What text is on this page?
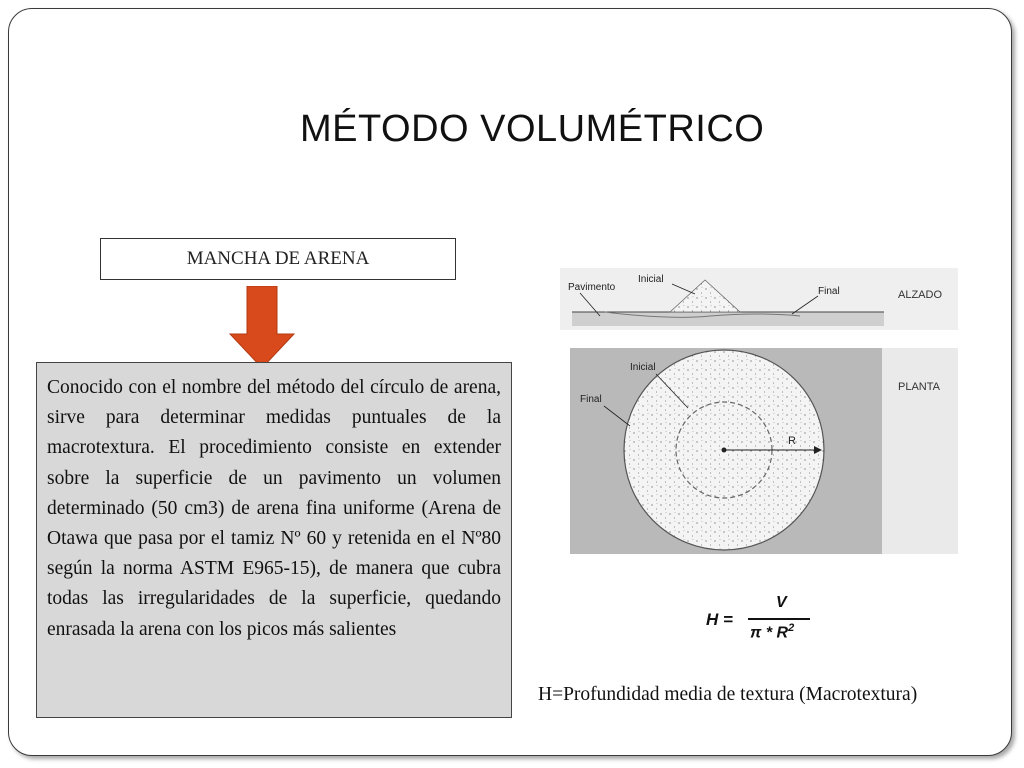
MÉTODO VOLUMÉTRICO
MANCHA DE ARENA
Conocido con el nombre del método del círculo de arena, sirve para determinar medidas puntuales de la macrotextura. El procedimiento consiste en extender sobre la superficie de un pavimento un volumen determinado (50 cm3) de arena fina uniforme (Arena de Otawa que pasa por el tamiz Nº 60 y retenida en el Nº80 según la norma ASTM E965-15), de manera que cubra todas las irregularidades de la superficie, quedando enrasada la arena con los picos más salientes
Pavimento
Inicial
Final	ALZADO
R
Inicial
Final
PLANTA
H =
V
π * $R^2$
H=Profundidad media de textura (Macrotextura)
